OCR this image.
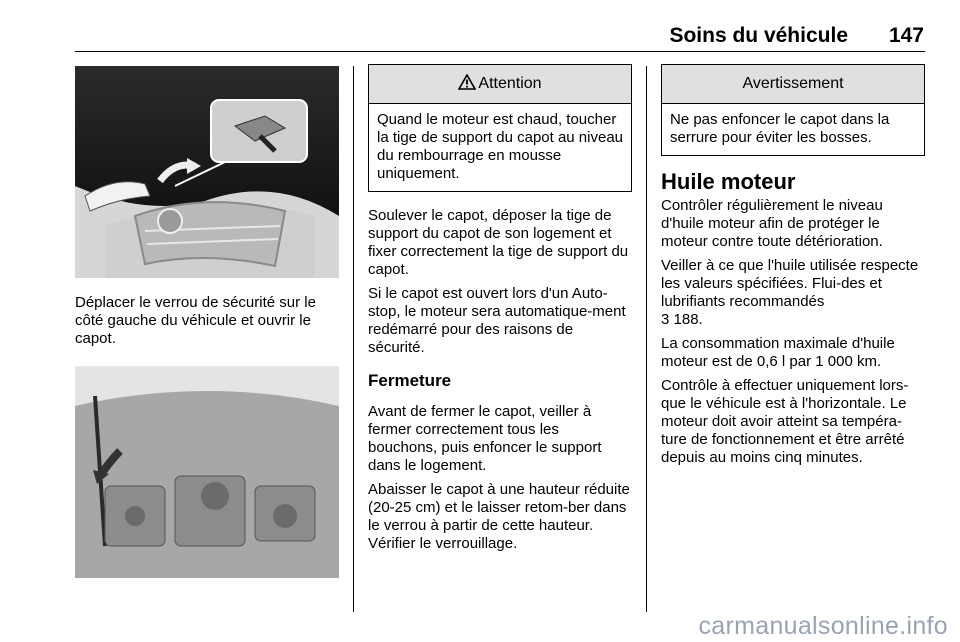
Soins du véhicule 147

Déplacer le verrou de sécurité sur le côté gauche du véhicule et ouvrir le capot.

Attention
Quand le moteur est chaud, toucher la tige de support du capot au niveau du rembourrage en mousse uniquement.

Soulever le capot, déposer la tige de support du capot de son logement et fixer correctement la tige de support du capot.

Si le capot est ouvert lors d'un Auto-stop, le moteur sera automatique-ment redémarré pour des raisons de sécurité.

Fermeture

Avant de fermer le capot, veiller à fermer correctement tous les bouchons, puis enfoncer le support dans le logement.

Abaisser le capot à une hauteur réduite (20-25 cm) et le laisser retom-ber dans le verrou à partir de cette hauteur. Vérifier le verrouillage.

Avertissement
Ne pas enfoncer le capot dans la serrure pour éviter les bosses.
Huile moteur

Contrôler régulièrement le niveau d'huile moteur afin de protéger le moteur contre toute détérioration.

Veiller à ce que l'huile utilisée respecte les valeurs spécifiées. Flui-des et lubrifiants recommandés
3 188.

La consommation maximale d'huile moteur est de 0,6 l par 1 000 km.

Contrôle à effectuer uniquement lors-que le véhicule est à l'horizontale. Le moteur doit avoir atteint sa tempéra-ture de fonctionnement et être arrêté depuis au moins cinq minutes.

carmanualsonline.info
